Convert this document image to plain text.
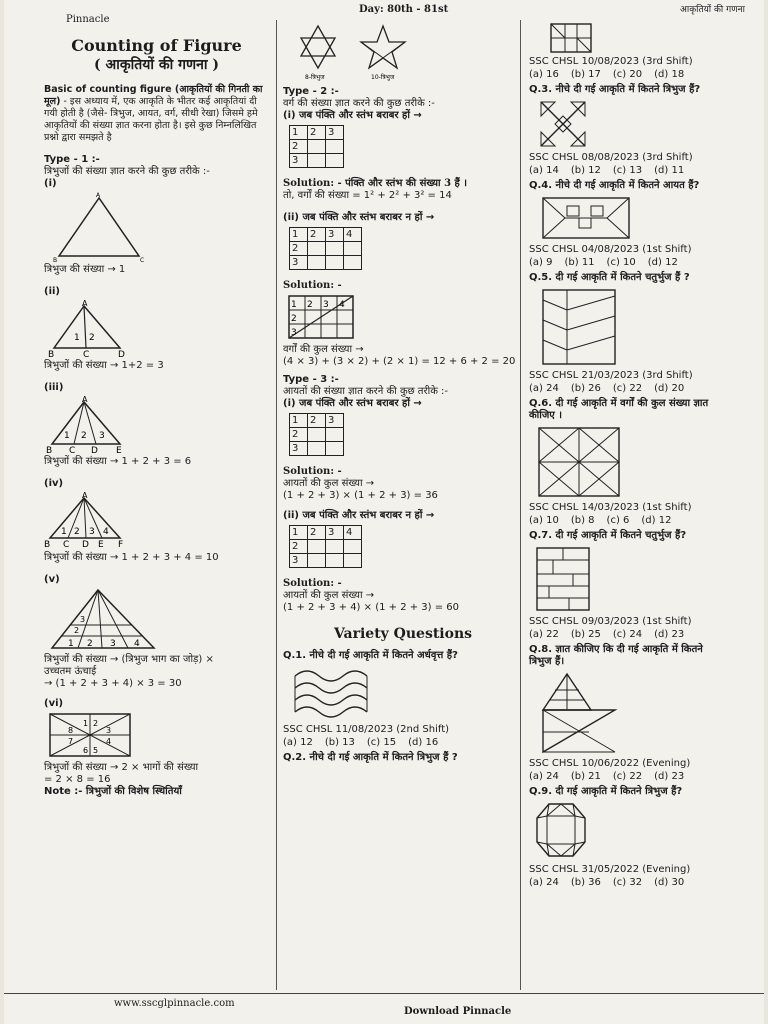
Pinnacle
Day: 80th - 81st	आकृतियों की गणना
Counting of Figure
( आकृतियों की गणना )

Basic of counting figure (आकृतियों की गिनती का मूल) - इस अध्याय में, एक आकृति के भीतर कई आकृतियां दी गयी होती है (जैसे- त्रिभुज, आयत, वर्ग, सीधी रेखा) जिसमे हमे आकृतियों की संख्या ज्ञात करना होता है। इसे कुछ निम्नलिखित प्रश्नो द्वारा समझते है

Type - 1 :-

त्रिभुजों की संख्या ज्ञात करने की कुछ तरीके :-

(i)

A
B	C

त्रिभुज की संख्या → 1

(ii)

A
1 2
B	C	D

त्रिभुजों की संख्या → 1+2 = 3

(iii)

A
1 2 3
B C D E

त्रिभुजों की संख्या → 1 + 2 + 3 = 6

(iv)

A
1 2 3 4
B C D E F

त्रिभुजों की संख्या → 1 + 2 + 3 + 4 = 10

(v)

1 2 3 4
2
3

त्रिभुजों की संख्या → (त्रिभुज भाग का जोड़) ×

उच्चतम ऊंचाई

→ (1 + 2 + 3 + 4) × 3 = 30

(vi)

1 2
3
4
5
6
7
8

त्रिभुजों की संख्या → 2 × भागों की संख्या

= 2 × 8 = 16

Note :- त्रिभुजों की विशेष स्थितियाँ

8-त्रिभुज	10-त्रिभुज

Type - 2 :-

वर्ग की संख्या ज्ञात करने की कुछ तरीके :-

(i) जब पंक्ति और स्तंभ बराबर हों →

1	2	3
2		
3		

Solution: - पंक्ति और स्तंभ की संख्या 3 हैं ।

तो, वर्गों की संख्या = 1² + 2² + 3² = 14

(ii) जब पंक्ति और स्तंभ बराबर न हों →

1	2	3	4
2			
3			

Solution: -

1 2 3 4
2
3

वर्गों की कुल संख्या →

(4 × 3) + (3 × 2) + (2 × 1) = 12 + 6 + 2 = 20

Type - 3 :-

आयतों की संख्या ज्ञात करने की कुछ तरीके :-

(i) जब पंक्ति और स्तंभ बराबर हों →

1	2	3
2		
3		

Solution: -

आयतों की कुल संख्या →

(1 + 2 + 3) × (1 + 2 + 3) = 36

(ii) जब पंक्ति और स्तंभ बराबर न हों →

1	2	3	4
2			
3			

Solution: -

आयतों की कुल संख्या →

(1 + 2 + 3 + 4) × (1 + 2 + 3) = 60

Variety Questions

Q.1. नीचे दी गई आकृति में कितने अर्धवृत्त हैं?

SSC CHSL 11/08/2023 (2nd Shift)

(a) 12 (b) 13 (c) 15 (d) 16

Q.2. नीचे दी गई आकृति में कितने त्रिभुज हैं ?

SSC CHSL 10/08/2023 (3rd Shift)

(a) 16 (b) 17 (c) 20 (d) 18

Q.3. नीचे दी गई आकृति में कितने त्रिभुज हैं?

SSC CHSL 08/08/2023 (3rd Shift)

(a) 14 (b) 12 (c) 13 (d) 11

Q.4. नीचे दी गई आकृति में कितने आयत हैं?

SSC CHSL 04/08/2023 (1st Shift)

(a) 9 (b) 11 (c) 10 (d) 12

Q.5. दी गई आकृति में कितने चतुर्भुज हैं ?

SSC CHSL 21/03/2023 (3rd Shift)

(a) 24 (b) 26 (c) 22 (d) 20

Q.6. दी गई आकृति में वर्गों की कुल संख्या ज्ञात

कीजिए ।

SSC CHSL 14/03/2023 (1st Shift)

(a) 10 (b) 8 (c) 6 (d) 12

Q.7. दी गई आकृति में कितने चतुर्भुज हैं?

SSC CHSL 09/03/2023 (1st Shift)

(a) 22 (b) 25 (c) 24 (d) 23

Q.8. ज्ञात कीजिए कि दी गई आकृति में कितने

त्रिभुज हैं।

SSC CHSL 10/06/2022 (Evening)

(a) 24 (b) 21 (c) 22 (d) 23

Q.9. दी गई आकृति में कितने त्रिभुज हैं?

SSC CHSL 31/05/2022 (Evening)

(a) 24 (b) 36 (c) 32 (d) 30
www.sscglpinnacle.com
Download Pinnacle
